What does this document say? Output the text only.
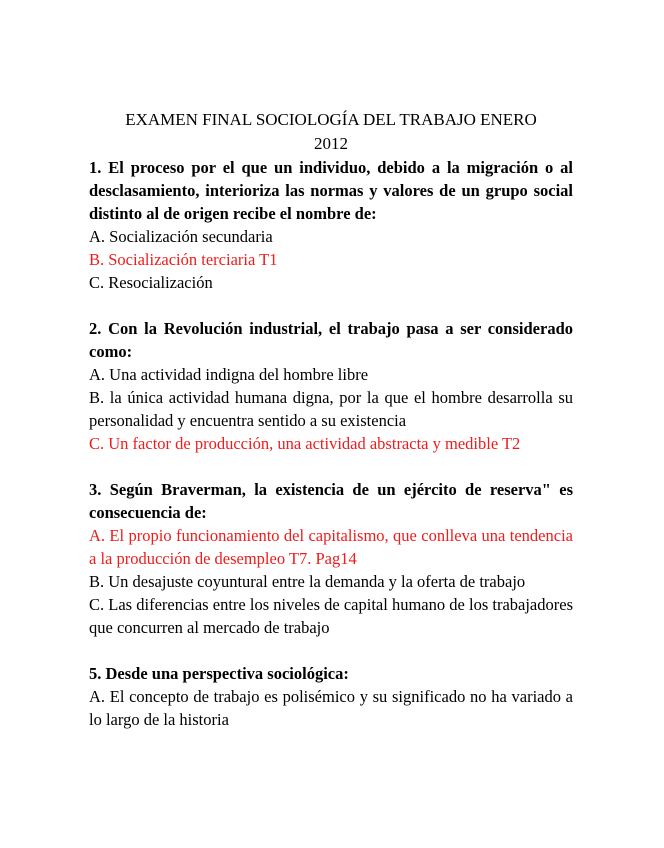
EXAMEN FINAL SOCIOLOGÍA DEL TRABAJO ENERO

2012

1. El proceso por el que un individuo, debido a la migración o al desclasamiento, interioriza las normas y valores de un grupo social distinto al de origen recibe el nombre de:

A. Socialización secundaria

B. Socialización terciaria T1

C. Resocialización

2. Con la Revolución industrial, el trabajo pasa a ser considerado como:

A. Una actividad indigna del hombre libre

B. la única actividad humana digna, por la que el hombre desarrolla su personalidad y encuentra sentido a su existencia

C. Un factor de producción, una actividad abstracta y medible T2

3. Según Braverman, la existencia de un ejército de reserva" es consecuencia de:

A. El propio funcionamiento del capitalismo, que conlleva una tendencia a la producción de desempleo T7. Pag14

B. Un desajuste coyuntural entre la demanda y la oferta de trabajo

C. Las diferencias entre los niveles de capital humano de los trabajadores que concurren al mercado de trabajo

5. Desde una perspectiva sociológica:

A. El concepto de trabajo es polisémico y su significado no ha variado a lo largo de la historia
